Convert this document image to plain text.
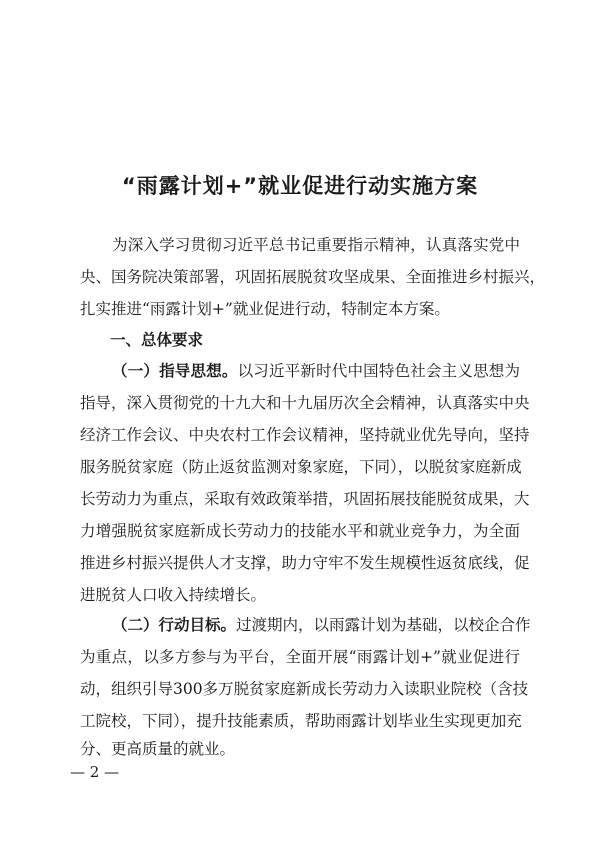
“雨露计划+”就业促进行动实施方案
为深入学习贯彻习近平总书记重要指示精神，认真落实党中
央、国务院决策部署，巩固拓展脱贫攻坚成果、全面推进乡村振兴，
扎实推进“雨露计划+”就业促进行动，特制定本方案。
一、总体要求
（一）指导思想。以习近平新时代中国特色社会主义思想为
指导，深入贯彻党的十九大和十九届历次全会精神，认真落实中央
经济工作会议、中央农村工作会议精神，坚持就业优先导向，坚持
服务脱贫家庭（防止返贫监测对象家庭，下同），以脱贫家庭新成
长劳动力为重点，采取有效政策举措，巩固拓展技能脱贫成果，大
力增强脱贫家庭新成长劳动力的技能水平和就业竞争力，为全面
推进乡村振兴提供人才支撑，助力守牢不发生规模性返贫底线，促
进脱贫人口收入持续增长。
（二）行动目标。过渡期内，以雨露计划为基础，以校企合作
为重点，以多方参与为平台，全面开展“雨露计划+”就业促进行
动，组织引导300多万脱贫家庭新成长劳动力入读职业院校（含技
工院校，下同），提升技能素质，帮助雨露计划毕业生实现更加充
分、更高质量的就业。
— 2 —
